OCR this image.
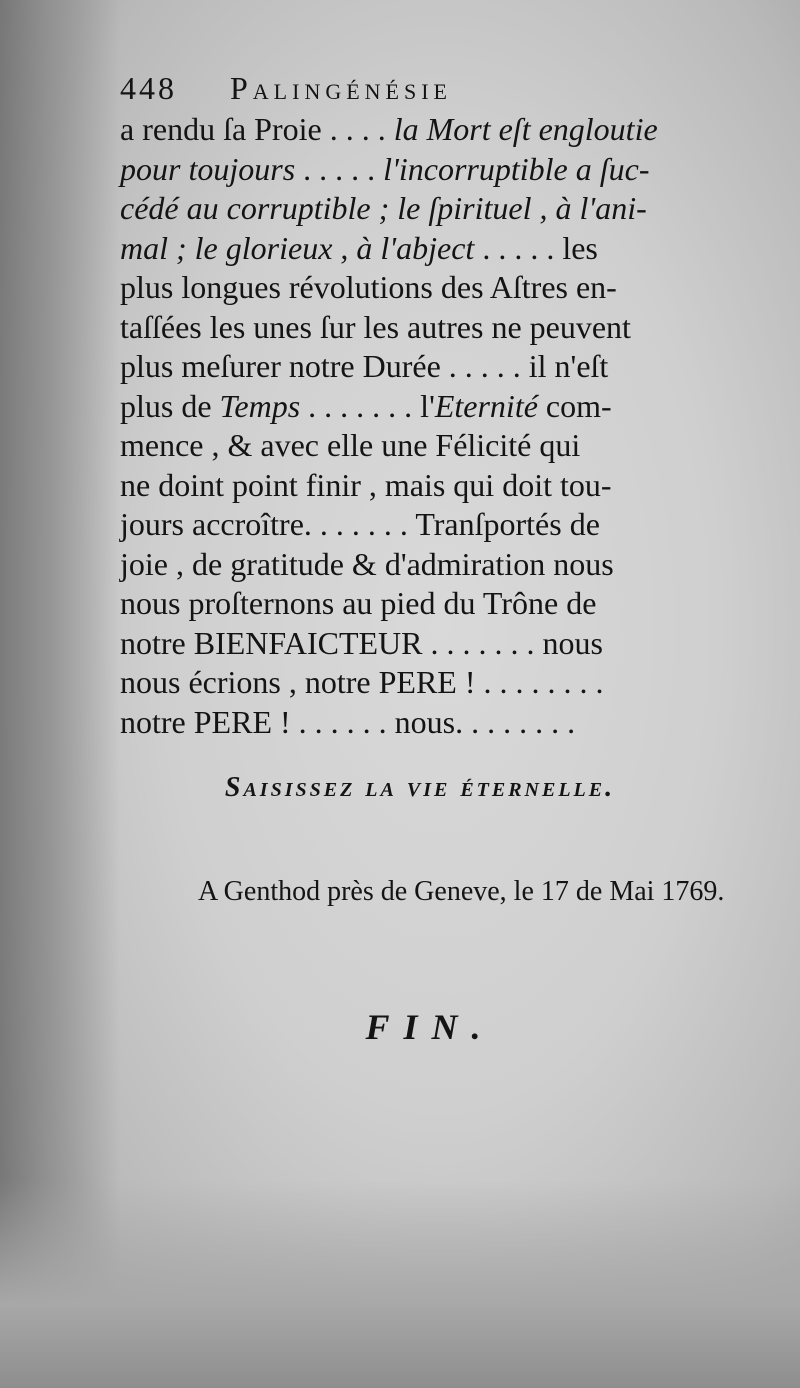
448 Palingénésie
a rendu ſa Proie . . . . la Mort eſt engloutie
pour toujours . . . . . l'incorruptible a ſuc-
cédé au corruptible ; le ſpirituel , à l'ani-
mal ; le glorieux , à l'abject . . . . . les
plus longues révolutions des Aſtres en-
taſſées les unes ſur les autres ne peuvent
plus meſurer notre Durée . . . . . il n'eſt
plus de Temps . . . . . . . l'Eternité com-
mence , & avec elle une Félicité qui
ne doint point finir , mais qui doit tou-
jours accroître. . . . . . . Tranſportés de
joie , de gratitude & d'admiration nous
nous proſternons au pied du Trône de
notre BIENFAICTEUR . . . . . . . nous
nous écrions , notre PERE ! . . . . . . . .
notre PERE ! . . . . . . nous. . . . . . . .
Saisissez la vie éternelle.
A Genthod près de Geneve, le 17 de Mai 1769.
FIN.
